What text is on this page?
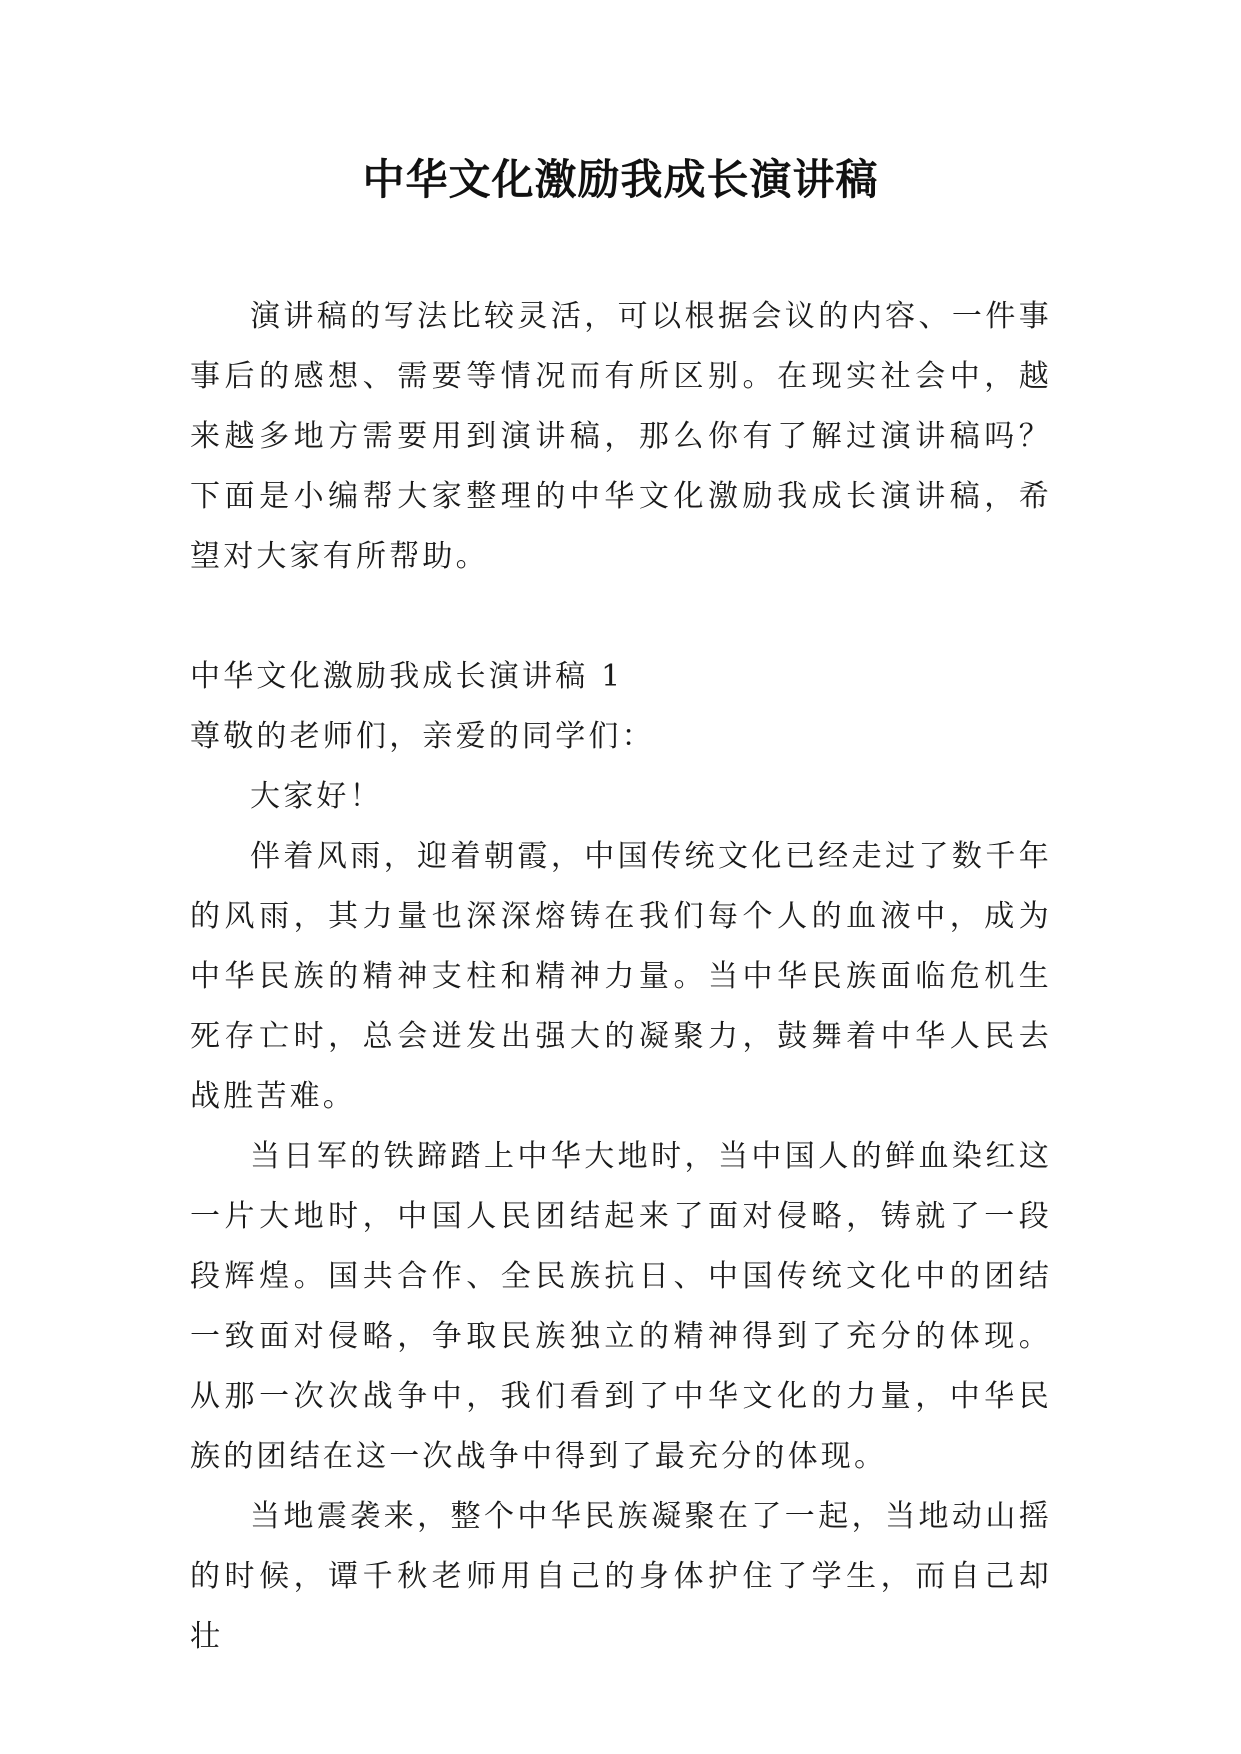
中华文化激励我成长演讲稿

演讲稿的写法比较灵活，可以根据会议的内容、一件事事后的感想、需要等情况而有所区别。在现实社会中，越来越多地方需要用到演讲稿，那么你有了解过演讲稿吗？下面是小编帮大家整理的中华文化激励我成长演讲稿，希望对大家有所帮助。

中华文化激励我成长演讲稿 1

尊敬的老师们，亲爱的同学们：

大家好！

伴着风雨，迎着朝霞，中国传统文化已经走过了数千年的风雨，其力量也深深熔铸在我们每个人的血液中，成为中华民族的精神支柱和精神力量。当中华民族面临危机生死存亡时，总会迸发出强大的凝聚力，鼓舞着中华人民去战胜苦难。

当日军的铁蹄踏上中华大地时，当中国人的鲜血染红这一片大地时，中国人民团结起来了面对侵略，铸就了一段段辉煌。国共合作、全民族抗日、中国传统文化中的团结一致面对侵略，争取民族独立的精神得到了充分的体现。从那一次次战争中，我们看到了中华文化的力量，中华民族的团结在这一次战争中得到了最充分的体现。

当地震袭来，整个中华民族凝聚在了一起，当地动山摇的时候，谭千秋老师用自己的身体护住了学生，而自己却壮
